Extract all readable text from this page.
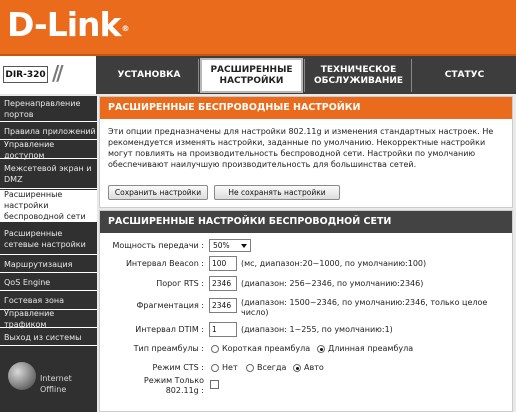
D-Link®
DIR-320 //	УСТАНОВКА
РАСШИРЕННЫЕ НАСТРОЙКИ
ТЕХНИЧЕСКОЕ ОБСЛУЖИВАНИЕ
СТАТУС
Перенаправление портов
Правила приложений
Управление доступом
Межсетевой экран и DMZ
Расширенные настройки беспроводной сети
Расширенные сетевые настройки
Маршрутизация
QoS Engine
Гостевая зона
Управление трафиком
Выход из системы
Internet
Offline
РАСШИРЕННЫЕ БЕСПРОВОДНЫЕ НАСТРОЙКИ
Эти опции предназначены для настройки 802.11g и изменения стандартных настроек. Не рекомендуется изменять настройки, заданные по умолчанию. Некорректные настройки могут повлиять на производительность беспроводной сети. Настройки по умолчанию обеспечивают наилучшую производительность для большинства сетей.
Сохранить настройки	Не сохранять настройки
РАСШИРЕННЫЕ НАСТРОЙКИ БЕСПРОВОДНОЙ СЕТИ
Мощность передачи :	50%
Интервал Beacon :	100	(мс, диапазон:20~1000, по умолчанию:100)
Порог RTS :	2346	(диапазон: 256~2346, по умолчанию:2346)
Фрагментация :	2346	(диапазон: 1500~2346, по умолчанию:2346, только целое число)
Интервал DTIM :	1	(диапазон: 1~255, по умолчанию:1)
Тип преамбулы : Короткая преамбула Длинная преамбула
Режим CTS : Нет Всегда Авто
Режим Только
802.11g :
